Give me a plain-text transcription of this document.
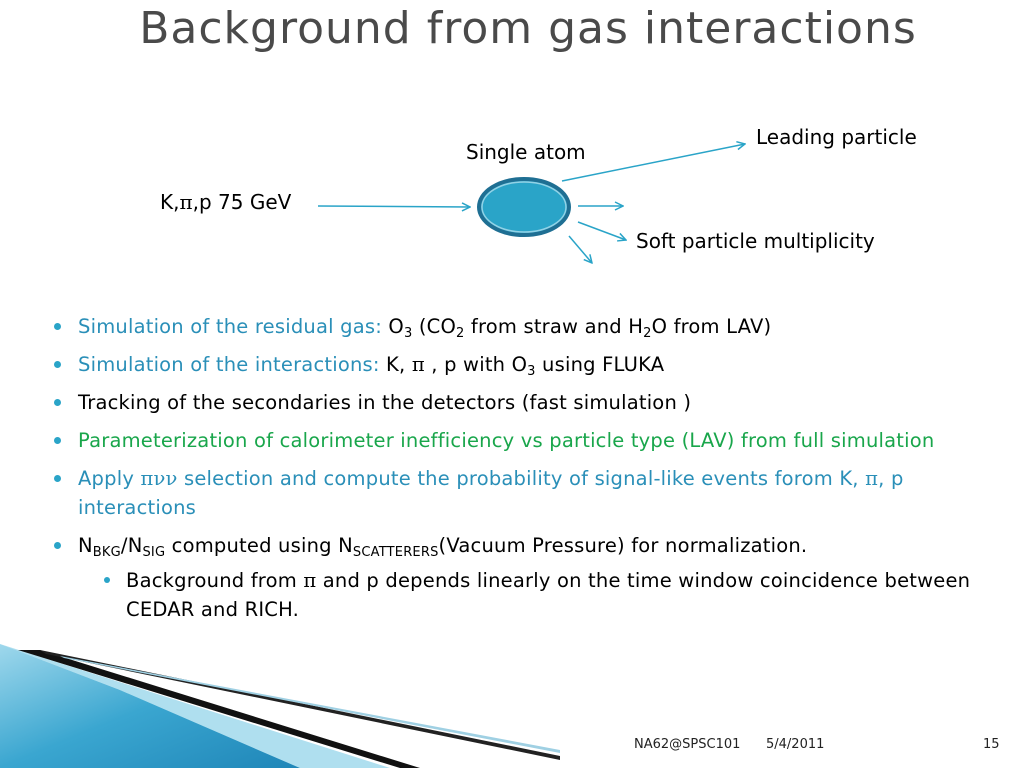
Background from gas interactions
K,π,p 75 GeV
Single atom
Leading particle
Soft particle multiplicity
Simulation of the residual gas: $O_3$ ($CO_2$ from straw and $H_2O$ from LAV)
Simulation of the interactions: K, π , p with $O_3$ using FLUKA
Tracking of the secondaries in the detectors (fast simulation )
Parameterization of calorimeter inefficiency vs particle type (LAV) from full simulation
Apply πνν selection and compute the probability of signal-like events forom K, π, p interactions
$N_{BKG}/N_{SIG}$ computed using $N_{SCATTERERS}(Vacuum$ Pressure) for normalization.
Background from π and p depends linearly on the time window coincidence between CEDAR and RICH.
NA62@SPSC101 5/4/2011	15
